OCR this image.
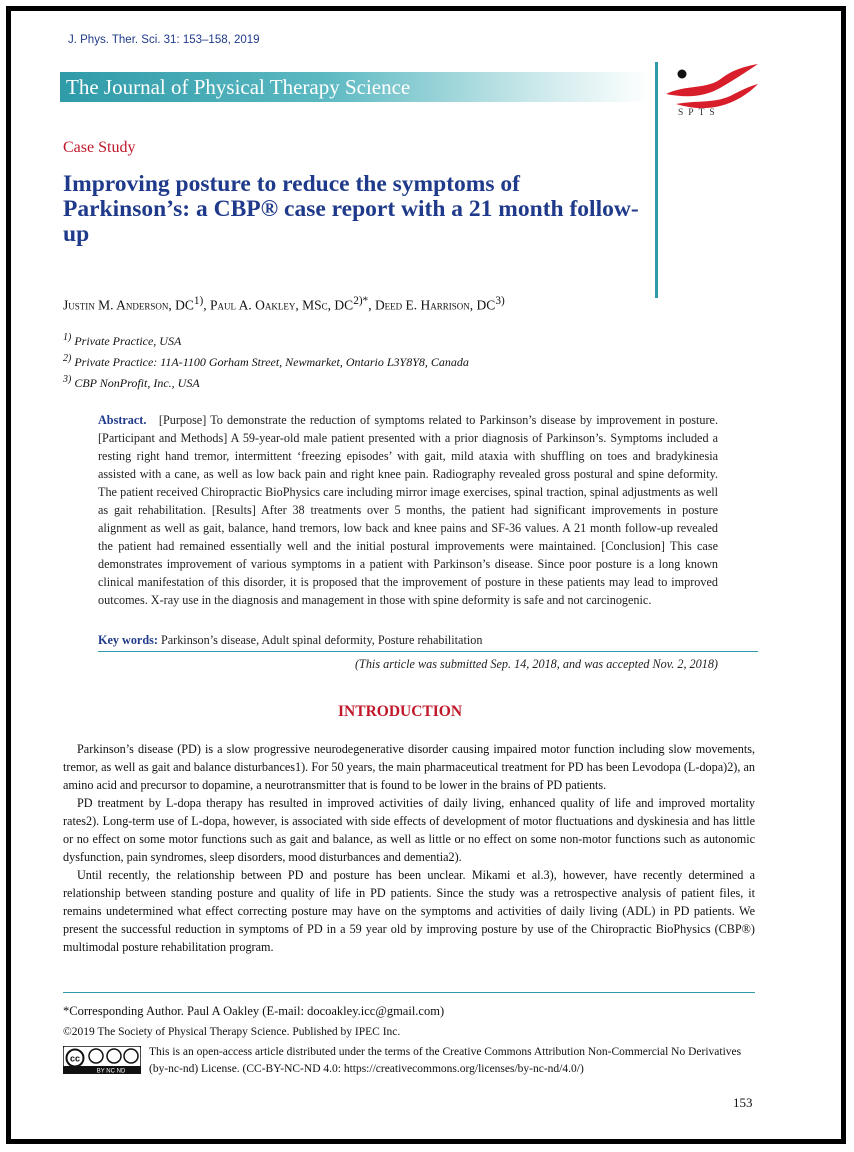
J. Phys. Ther. Sci. 31: 153–158, 2019
The Journal of Physical Therapy Science
SPTS
Case Study
Improving posture to reduce the symptoms of Parkinson’s: a CBP® case report with a 21 month follow-up
Justin M. Anderson, DC$^{1)}$, Paul A. Oakley, MSc, $DC^{2)*}$, Deed E. Harrison, DC$^{3)}$
$^{1)}$ Private Practice, USA
$^{2)}$ Private Practice: 11A-1100 Gorham Street, Newmarket, Ontario L3Y8Y8, Canada
$^{3)}$ CBP NonProfit, Inc., USA
Abstract. [Purpose] To demonstrate the reduction of symptoms related to Parkinson’s disease by improvement in posture. [Participant and Methods] A 59-year-old male patient presented with a prior diagnosis of Parkinson’s. Symptoms included a resting right hand tremor, intermittent ‘freezing episodes’ with gait, mild ataxia with shuffling on toes and bradykinesia assisted with a cane, as well as low back pain and right knee pain. Radiography revealed gross postural and spine deformity. The patient received Chiropractic BioPhysics care including mirror image exercises, spinal traction, spinal adjustments as well as gait rehabilitation. [Results] After 38 treatments over 5 months, the patient had significant improvements in posture alignment as well as gait, balance, hand tremors, low back and knee pains and SF-36 values. A 21 month follow-up revealed the patient had remained essentially well and the initial postural improvements were maintained. [Conclusion] This case demonstrates improvement of various symptoms in a patient with Parkinson’s disease. Since poor posture is a long known clinical manifestation of this disorder, it is proposed that the improvement of posture in these patients may lead to improved outcomes. X-ray use in the diagnosis and management in those with spine deformity is safe and not carcinogenic.
Key words: Parkinson’s disease, Adult spinal deformity, Posture rehabilitation
(This article was submitted Sep. 14, 2018, and was accepted Nov. 2, 2018)
INTRODUCTION

Parkinson’s disease (PD) is a slow progressive neurodegenerative disorder causing impaired motor function including slow movements, tremor, as well as gait and balance disturbances1). For 50 years, the main pharmaceutical treatment for PD has been Levodopa (L-dopa)2), an amino acid and precursor to dopamine, a neurotransmitter that is found to be lower in the brains of PD patients.

PD treatment by L-dopa therapy has resulted in improved activities of daily living, enhanced quality of life and improved mortality rates2). Long-term use of L-dopa, however, is associated with side effects of development of motor fluctuations and dyskinesia and has little or no effect on some motor functions such as gait and balance, as well as little or no effect on some non-motor functions such as autonomic dysfunction, pain syndromes, sleep disorders, mood disturbances and dementia2).

Until recently, the relationship between PD and posture has been unclear. Mikami et al.3), however, have recently determined a relationship between standing posture and quality of life in PD patients. Since the study was a retrospective analysis of patient files, it remains undetermined what effect correcting posture may have on the symptoms and activities of daily living (ADL) in PD patients. We present the successful reduction in symptoms of PD in a 59 year old by improving posture by use of the Chiropractic BioPhysics (CBP®) multimodal posture rehabilitation program.

*Corresponding Author. Paul A Oakley (E-mail: docoakley.icc@gmail.com)
©2019 The Society of Physical Therapy Science. Published by IPEC Inc.
cc
BY NC ND
This is an open-access article distributed under the terms of the Creative Commons Attribution Non-Commercial No Derivatives (by-nc-nd) License. (CC-BY-NC-ND 4.0: https://creativecommons.org/licenses/by-nc-nd/4.0/)
153
